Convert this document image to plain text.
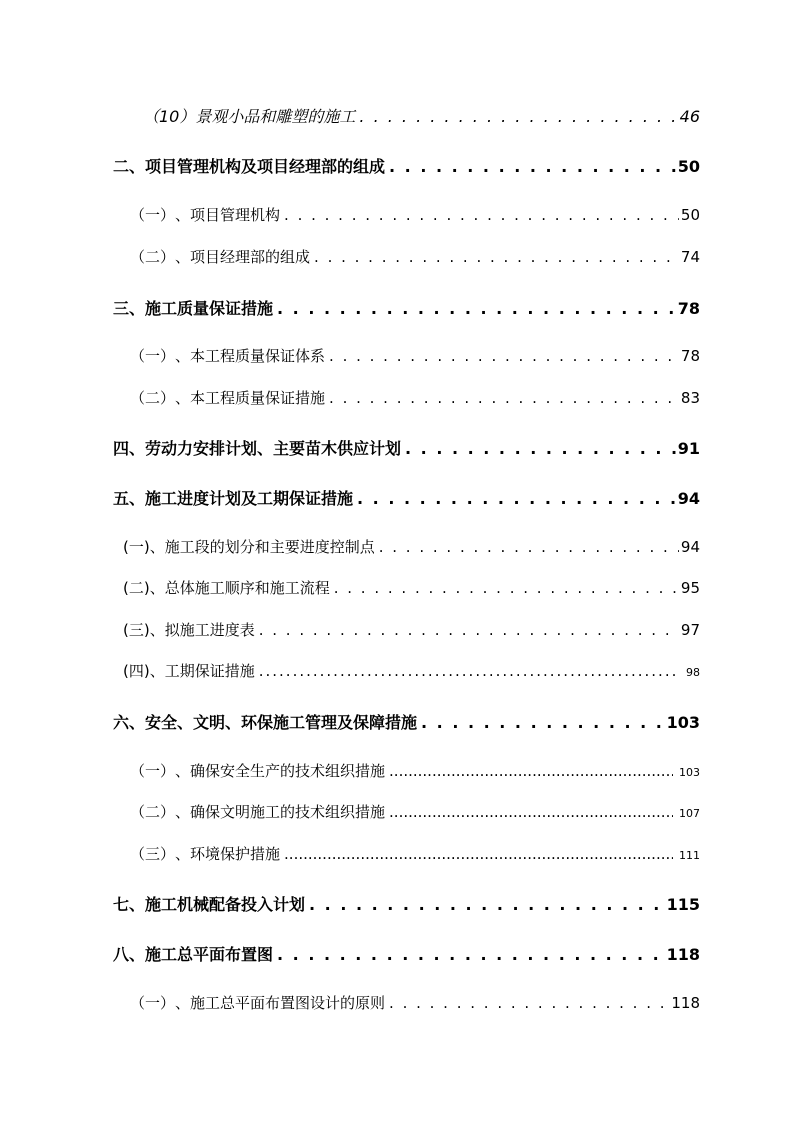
（10） 景观小品和雕塑的施工 . . .	46
二、 项目管理机构及项目经理部的组成 . . .	50
（一） 、项目管理机构 . . .	50
（二） 、项目经理部的组成 . . .	74
三、 施工质量保证措施 . . .	78
（一） 、本工程质量保证体系 . . .	78
（二） 、本工程质量保证措施 . . .	83
四、 劳动力安排计划、主要苗木供应计划 . . .	91
五、 施工进度计划及工期保证措施 . . .	94
(一) 、施工段的划分和主要进度控制点 . . .	94
(二) 、总体施工顺序和施工流程 . . .	95
(三) 、拟施工进度表 . . .	97
(四) 、工期保证措施 .....	98
六、 安全、文明、环保施工管理及保障措施 . . .	103
（一） 、确保安全生产的技术组织措施 .....	103
（二） 、确保文明施工的技术组织措施 .....	107
（三） 、环境保护措施 .....	111
七、 施工机械配备投入计划 . . .	115
八、 施工总平面布置图 . . .	118
（一） 、施工总平面布置图设计的原则 . . .	118
